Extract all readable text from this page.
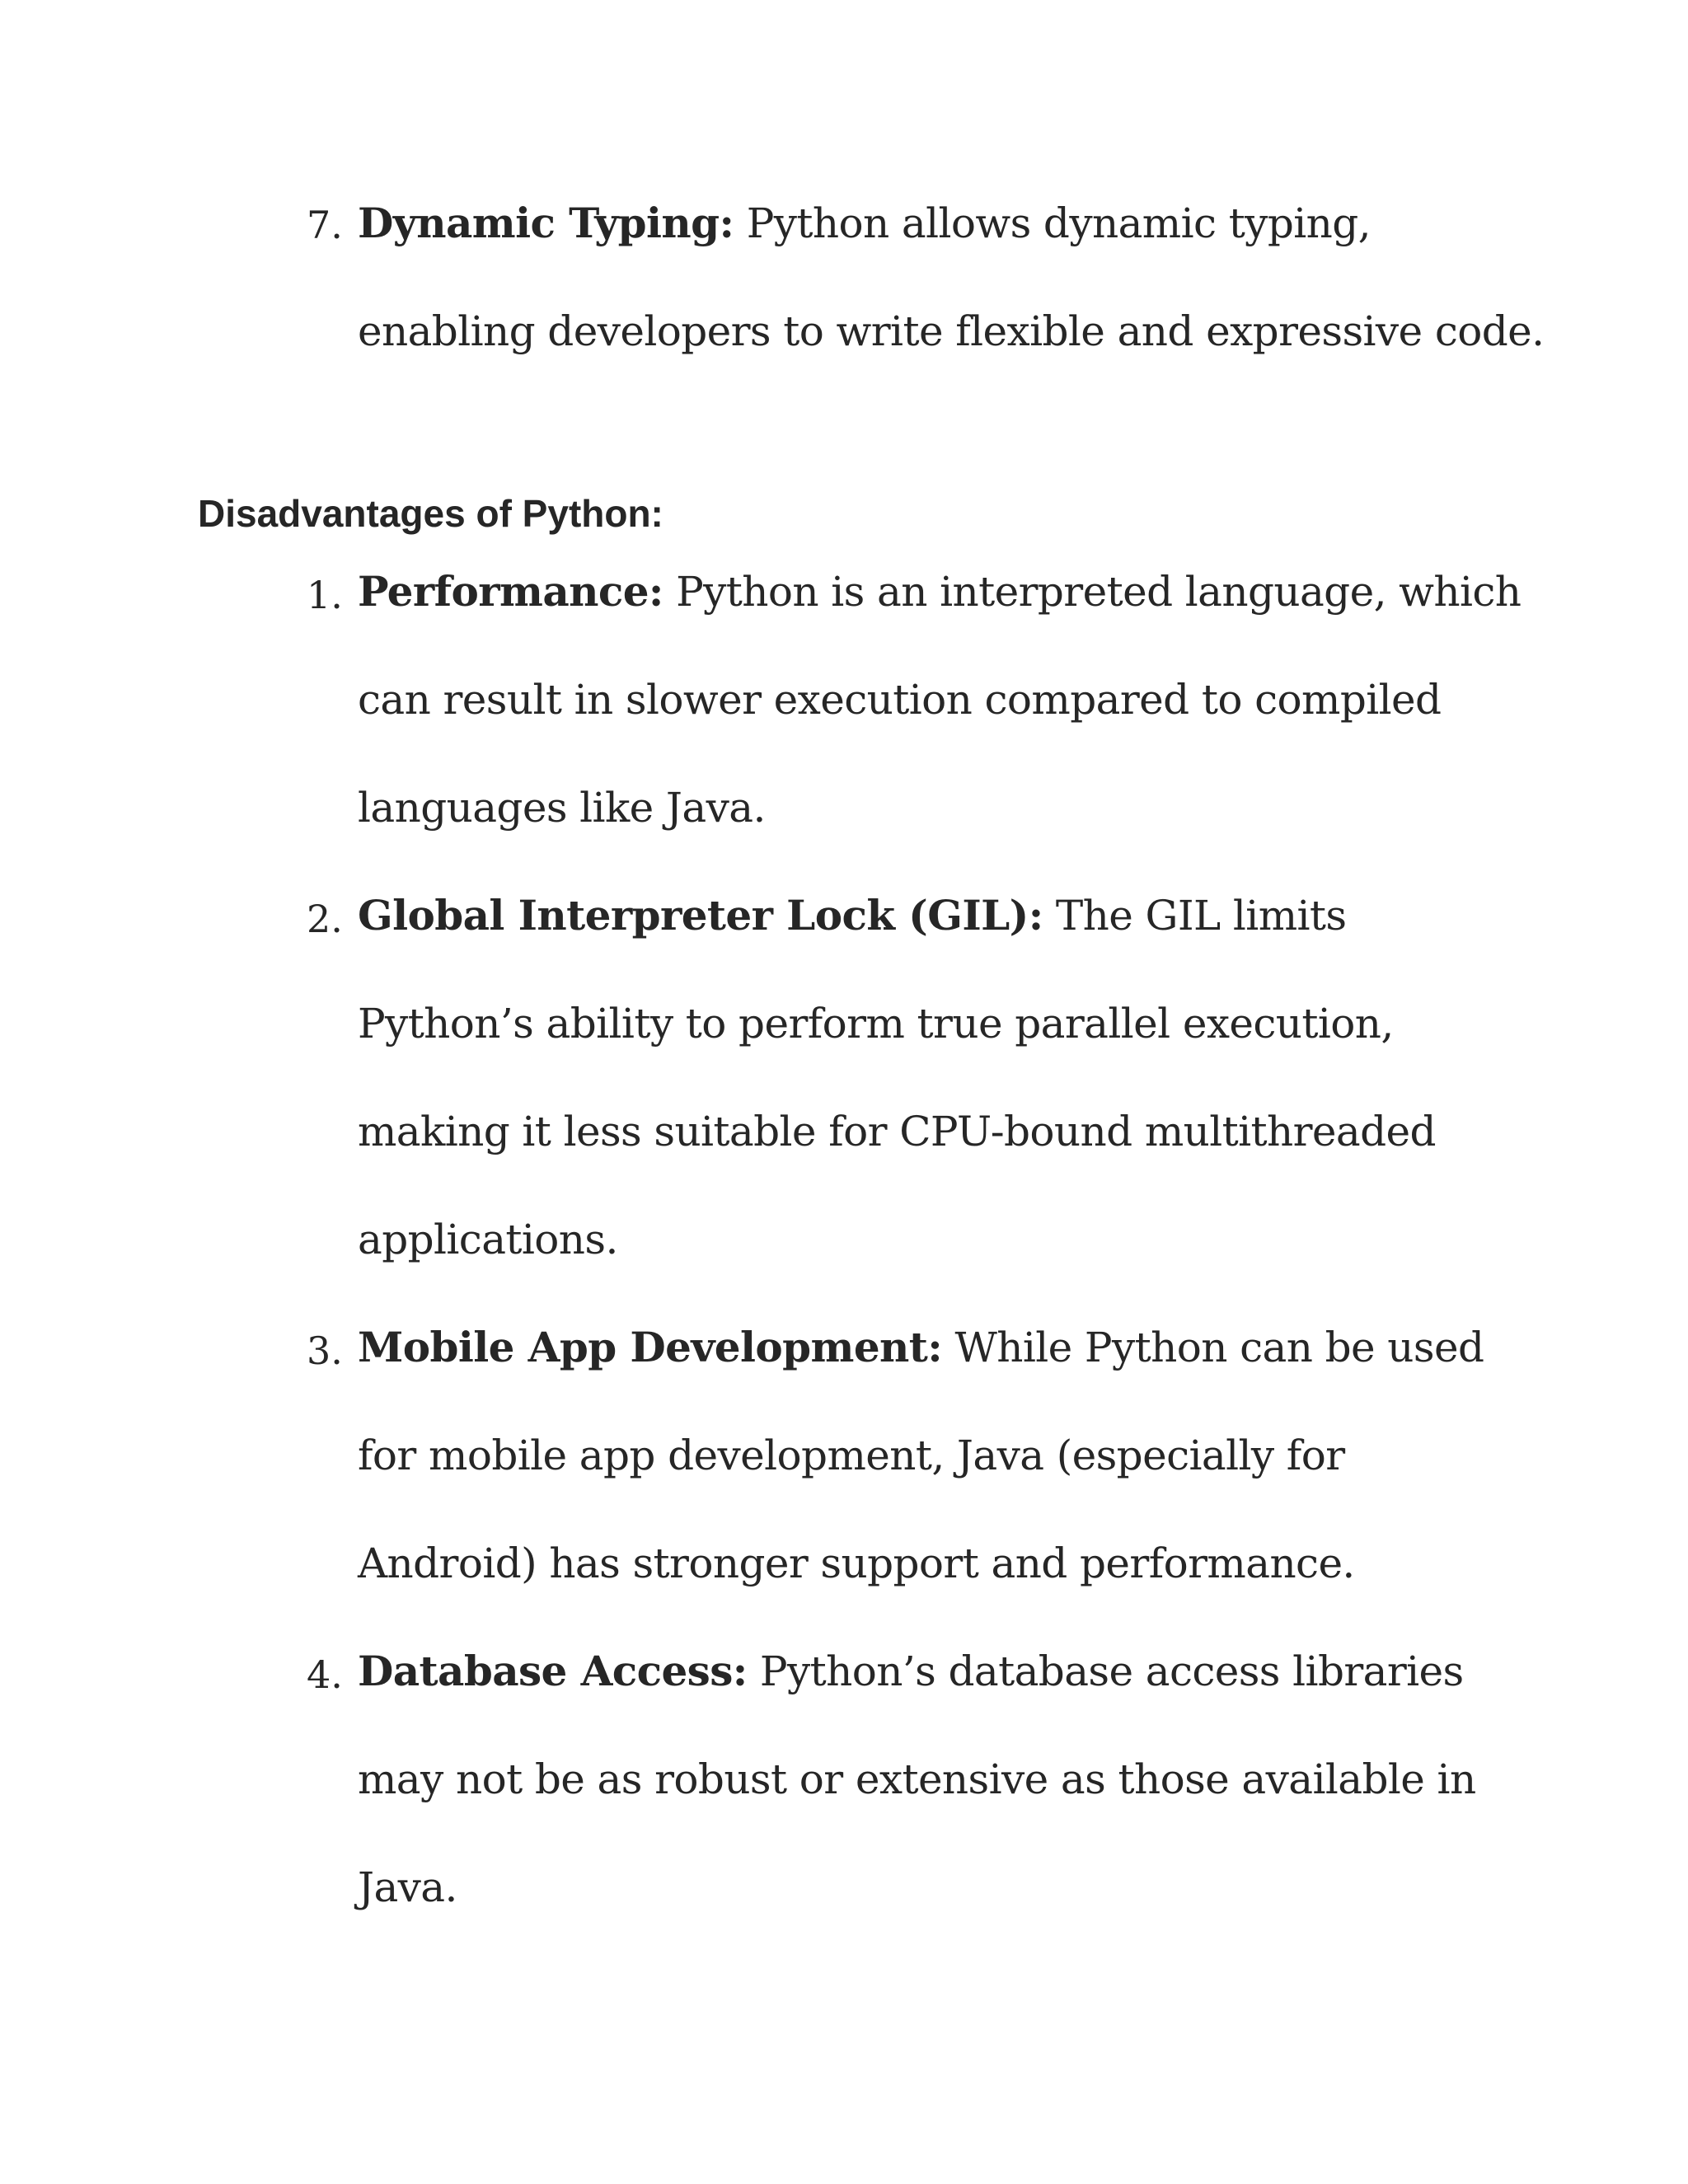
7. Dynamic Typing: Python allows dynamic typing,
enabling developers to write flexible and expressive code.
Disadvantages of Python:
1. Performance: Python is an interpreted language, which
can result in slower execution compared to compiled
languages like Java.
2. Global Interpreter Lock (GIL): The GIL limits
Python’s ability to perform true parallel execution,
making it less suitable for CPU-bound multithreaded
applications.
3. Mobile App Development: While Python can be used
for mobile app development, Java (especially for
Android) has stronger support and performance.
4. Database Access: Python’s database access libraries
may not be as robust or extensive as those available in
Java.
